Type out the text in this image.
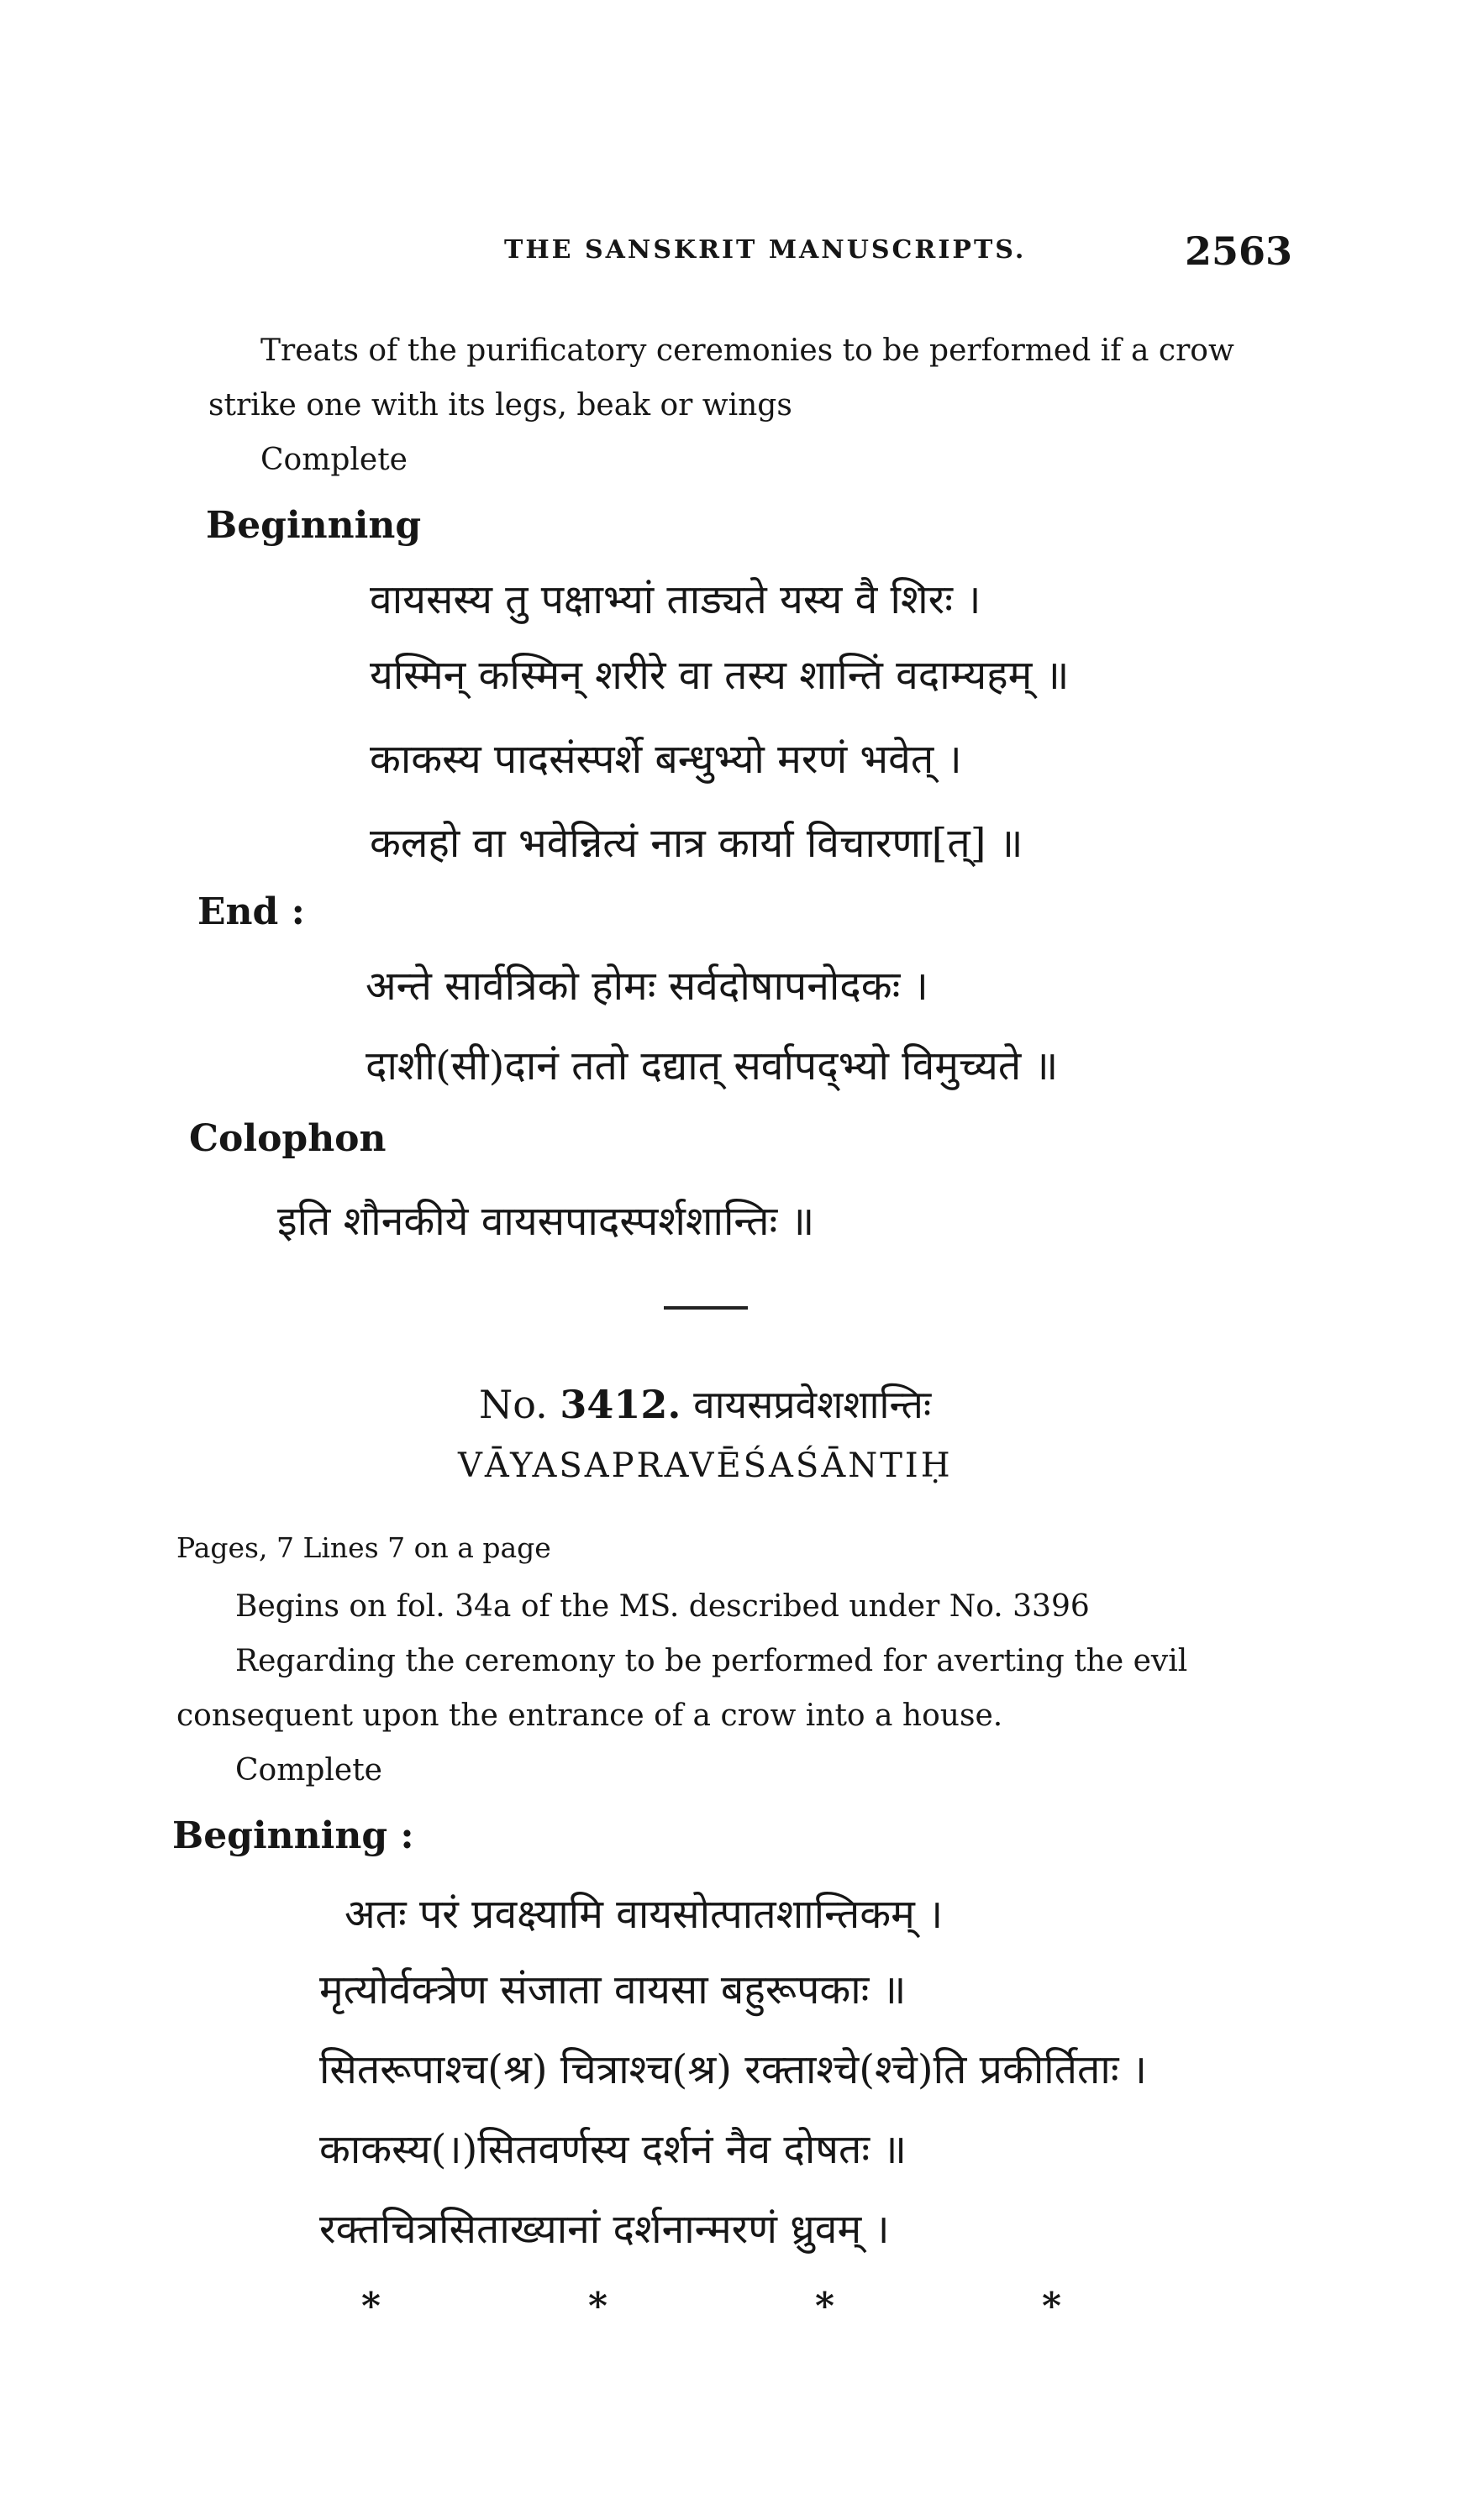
THE SANSKRIT MANUSCRIPTS.	2563
Treats of the purificatory ceremonies to be performed if a crow
strike one with its legs, beak or wings
Complete
Beginning
वायसस्य तु पक्षाभ्यां ताड्यते यस्य वै शिरः ।
यस्मिन् कस्मिन् शरीरे वा तस्य शान्तिं वदाम्यहम् ॥
काकस्य पादसंस्पर्शे बन्धुभ्यो मरणं भवेत् ।
कलहो वा भवेन्नित्यं नात्र कार्या विचारणा[त्] ॥
End :
अन्ते सार्वत्रिको होमः सर्वदोषापनोदकः ।
दाशी(सी)दानं ततो दद्यात् सर्वापद्भ्यो विमुच्यते ॥
Colophon
इति शौनकीये वायसपादस्पर्शशान्तिः ॥
No. 3412. वायसप्रवेशशान्तिः
VĀYASAPRAVĒŚAŚĀNTIḤ
Pages, 7 Lines 7 on a page
Begins on fol. 34a of the MS. described under No. 3396
Regarding the ceremony to be performed for averting the evil
consequent upon the entrance of a crow into a house.
Complete
Beginning :
अतः परं प्रवक्ष्यामि वायसोत्पातशान्तिकम् ।
मृत्योर्वक्त्रेण संजाता वायसा बहुरूपकाः ॥
सितरूपाश्च(श्र) चित्राश्च(श्र) रक्ताश्चे(श्चे)ति प्रकीर्तिताः ।
काकस्य(।)सितवर्णस्य दर्शनं नैव दोषतः ॥
रक्तचित्रसिताख्यानां दर्शनान्मरणं ध्रुवम् ।
*	*	*	*
